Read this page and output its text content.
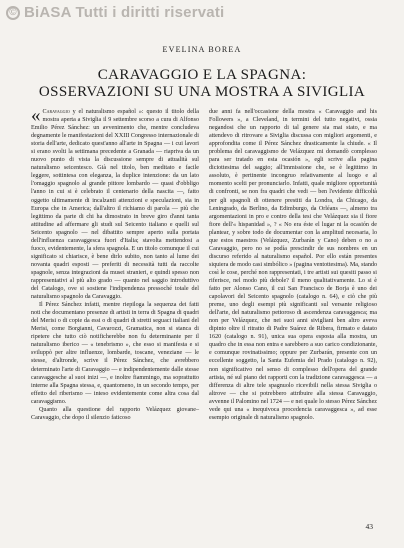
© BiASA Tutti i diritti riservati
EVELINA BOREA
CARAVAGGIO E LA SPAGNA:
OSSERVAZIONI SU UNA MOSTRA A SIVIGLIA

« Caravaggio y el naturalismo español »: questo il titolo della mostra aperta a Siviglia il 9 settembre scorso a cura di Alfonso Emilio Pérez Sánchez: un avvenimento che, mentre concludeva degnamente le manifestazioni del XXIII Congresso internazionale di storia dell'arte, dedicato quest'anno all'arte in Spagna — i cui lavori si erano svolti la settimana precedente a Granada — riapriva da un nuovo punto di vista la discussione sempre di attualità sul naturalismo seicentesco. Già nel titolo, ben meditato e facile leggere, sottintesa con eleganza, la duplice intenzione: da un lato l'omaggio spagnolo al grande pittore lombardo — quasi d'obbligo l'anno in cui si è celebrato il centenario della nascita —, fatto oggetto ultimamente di incalzanti attenzioni e speculazioni, sia in Europa che in America; dall'altro il richiamo di parola — più che legittimo da parte di chi ha dimostrato in breve giro d'anni tanta attitudine ad affermare gli studi sul Seicento italiano e quelli sul Seicento spagnolo — nel dibattito sempre aperto sulla portata dell'influenza caravaggesca fuori d'Italia; stavolta mettendosi a fuoco, evidentemente, la sfera spagnola. E un titolo comunque il cui significato si chiarisce, è bene dirlo subito, non tanto al lume dei novanta quadri esposti — preferiti di necessità tutti da raccolte spagnole, senza integrazioni da musei stranieri, e quindi spesso non rappresentativi al più alto grado — quanto nel saggio introduttivo del Catalogo, ove si sostiene l'indipendenza pressoché totale del naturalismo spagnolo da Caravaggio.

Il Pérez Sánchez infatti, mentre riepiloga la sequenza dei fatti noti che documentano presenze di artisti in terra di Spagna di quadri del Merisi o di copie da essi o di quadri di stretti seguaci italiani del Merisi, come Borgianni, Cavarozzi, Gramatica, non si stanca di ripetere che tutto ciò notificherebbe non fu determinante per il naturalismo iberico — « tenebrismo », che esso si manifesta e si sviluppò per altre influenze, lombarde, toscane, veneziane — le stesse, d'altronde, scrive il Pérez Sánchez, che avrebbero determinato l'arte di Caravaggio — e indipendentemente dalle stesse caravaggesche al suoi inizi —, e inoltre fiammingo, ma soprattutto interne alla Spagna stessa, e, quantomeno, in un secondo tempo, per effetto del riberismo — inteso evidentemente come altra cosa dal caravaggismo.

Quanto alla questione del rapporto Velázquez giovane–Caravaggio, che dopo il silenzio faticoso

due anni fa nell'occasione della mostra « Caravaggio and his Followers », a Cleveland, in termini del tutto negativi, ossia negandosi che un rapporto di tal genere sia mai stato, e ma attendevo di ritrovare a Siviglia discussa con migliori argomenti, e approfondita come il Pérez Sánchez drasticamente la chiude. « Il problema del caravaggismo de Velázquez mi domandò complesso para ser tratado en esta ocasión », egli scrive alla pagina diciottesima del saggio; all'immissione che, se è legittimo in assoluto, è pertinente incongruo relativamente al luogo e al momento scelti per pronunciarlo. Infatti, quale migliore opportunità di confronti, se non fra quadri che vedi — ben l'evidente difficoltà per gli spagnoli di ottenere prestiti da Londra, da Chicago, da Leningrado, da Berlino, da Edimburgo, da Orléans —, almeno tra argomentazioni in pro e contro della tesi che Velázquez sia il fiore fiore dell'« hispanidad », ? « No era éste el lugar ni la ocasión de plantear, y sobre todo de documentar con la amplitud necesaria, lo que estos maestros (Velázquez, Zurbarán y Cano) deben o no a Caravaggio, pero no se podía prescindir de sus nombres en un discurso referido al naturalismo español. Por ello están presentes siquiera de modo casi simbólico » (pagina ventottesima). Ma, stando così le cose, perché non rappresentati, i tre artisti sui quesiti passo si riferisce, nel modo più debole? il meno qualitativamente. Lo si è fatto per Alonso Cano, il cui San Francisco de Borja è uno dei capolavori del Seicento spagnolo (catalogo n. 64), e ciò che più preme, uno degli esempi più significanti sul versante religioso dell'arte, del naturalismo pettoroso di ascendenza caravaggesca; ma non per Velázquez, che nei suoi anni sivigliani ben altro aveva dipinto oltre il ritratto di Padre Suárez de Ribera, firmato e datato 1620 (catalogo n. 91), unica sua opera esposta alla mostra, un quadro che in essa non entra e sarebbero a suo carico condizionante, e comunque rovinatissimo; oppure per Zurbarán, presente con un eccellente soggetto, la Santa Eufemia del Prado (catalogo n. 92), non significativo nel senso di complesso dell'opera del grande artista, né sul piano dei rapporti con la tradizione caravaggesca — a differenza di altre tele spagnuolo ricevibili nella stessa Siviglia o altrove — che si potrebbero attribuire alla stessa Caravaggio, avvenne il Palomino nel 1724 — e nei quale lo stesso Pérez Sánchez vede qui una « inequivoca procedencia caravaggesca », ad esse esempio originale di naturalismo spagnolo.

43
